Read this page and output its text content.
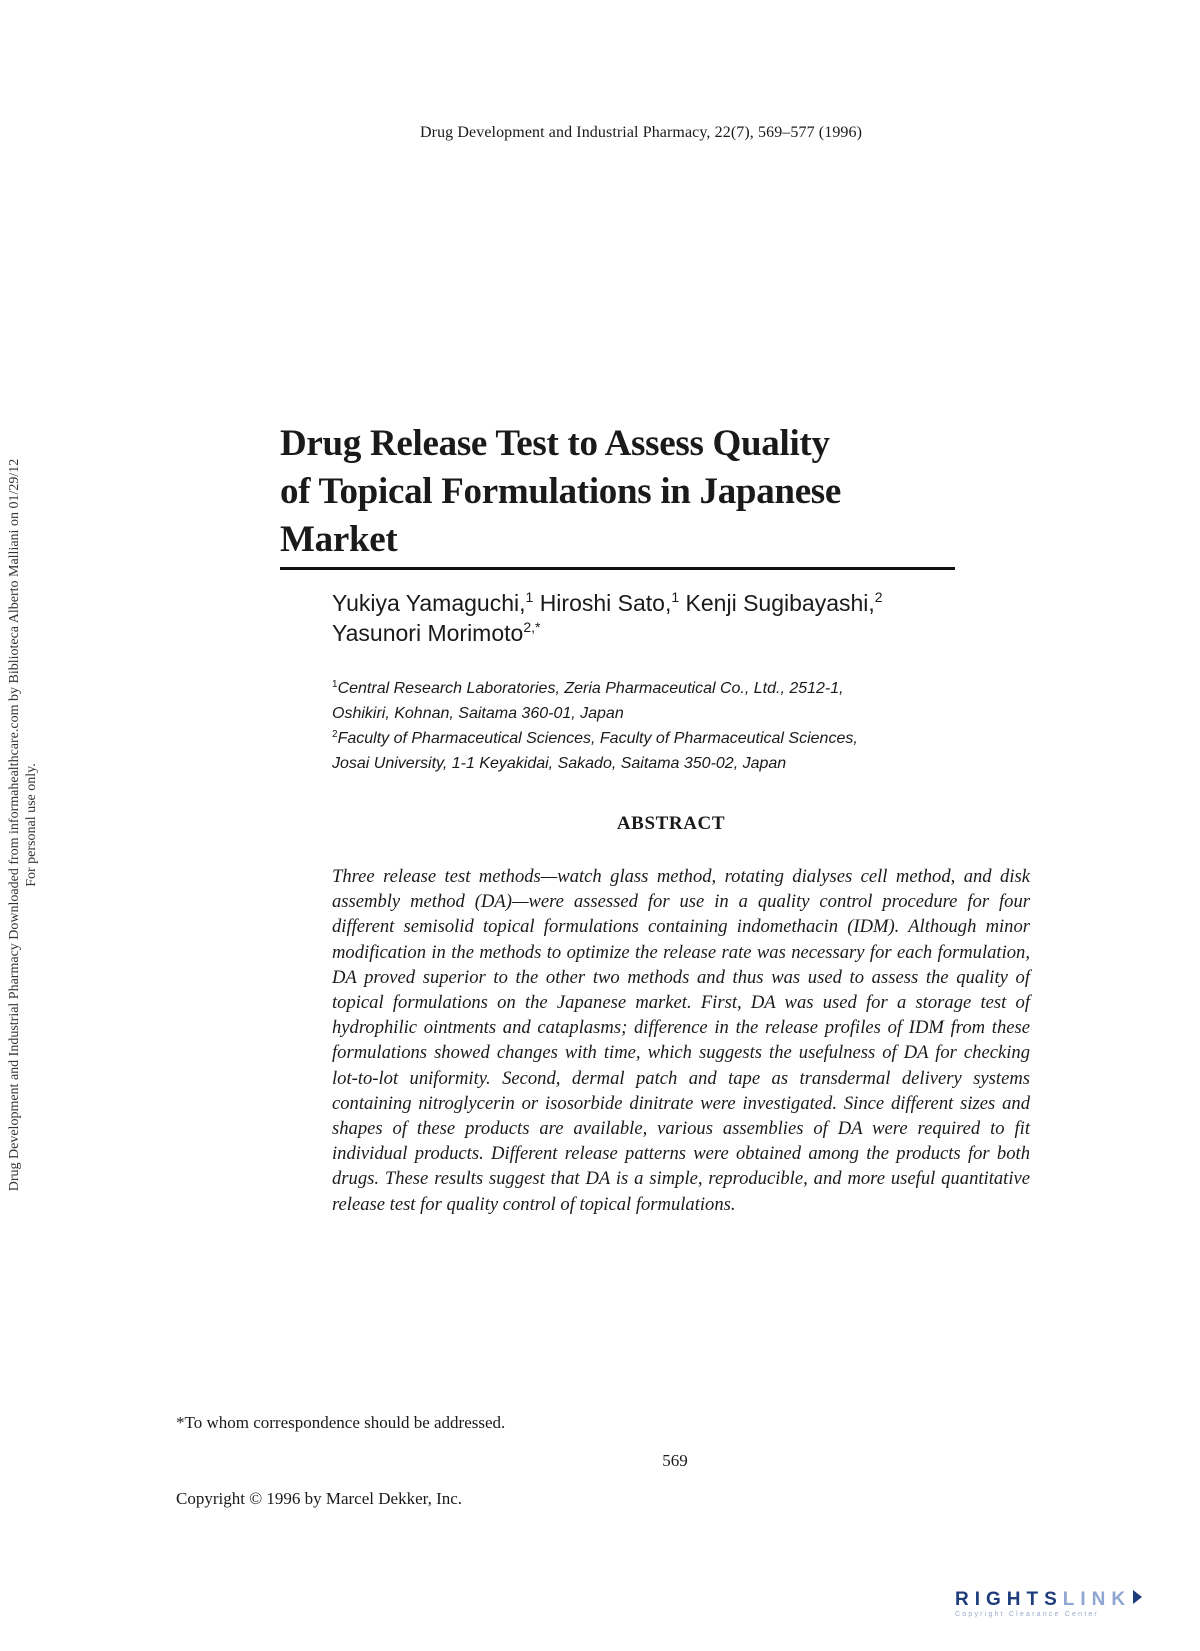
Drug Development and Industrial Pharmacy, 22(7), 569–577 (1996)
Drug Development and Industrial Pharmacy Downloaded from informahealthcare.com by Biblioteca Alberto Malliani on 01/29/12 For personal use only.
Drug Release Test to Assess Quality
of Topical Formulations in Japanese
Market
Yukiya Yamaguchi,$^1$ Hiroshi Sato,$^1$ Kenji Sugibayashi,$^2$
Yasunori Morimoto$^{2,*}$
$^1$Central Research Laboratories, Zeria Pharmaceutical Co., Ltd., 2512-1,
Oshikiri, Kohnan, Saitama 360-01, Japan
$^2$Faculty of Pharmaceutical Sciences, Faculty of Pharmaceutical Sciences,
Josai University, 1-1 Keyakidai, Sakado, Saitama 350-02, Japan
ABSTRACT
Three release test methods—watch glass method, rotating dialyses cell method, and disk assembly method (DA)—were assessed for use in a quality control procedure for four different semisolid topical formulations containing indomethacin (IDM). Although minor modification in the methods to optimize the release rate was necessary for each formulation, DA proved superior to the other two methods and thus was used to assess the quality of topical formulations on the Japanese market. First, DA was used for a storage test of hydrophilic ointments and cataplasms; difference in the release profiles of IDM from these formulations showed changes with time, which suggests the usefulness of DA for checking lot-to-lot uniformity. Second, dermal patch and tape as transdermal delivery systems containing nitroglycerin or isosorbide dinitrate were investigated. Since different sizes and shapes of these products are available, various assemblies of DA were required to fit individual products. Different release patterns were obtained among the products for both drugs. These results suggest that DA is a simple, reproducible, and more useful quantitative release test for quality control of topical formulations.
*To whom correspondence should be addressed.
569
Copyright © 1996 by Marcel Dekker, Inc.
RIGHTSLINK
Copyright Clearance Center
